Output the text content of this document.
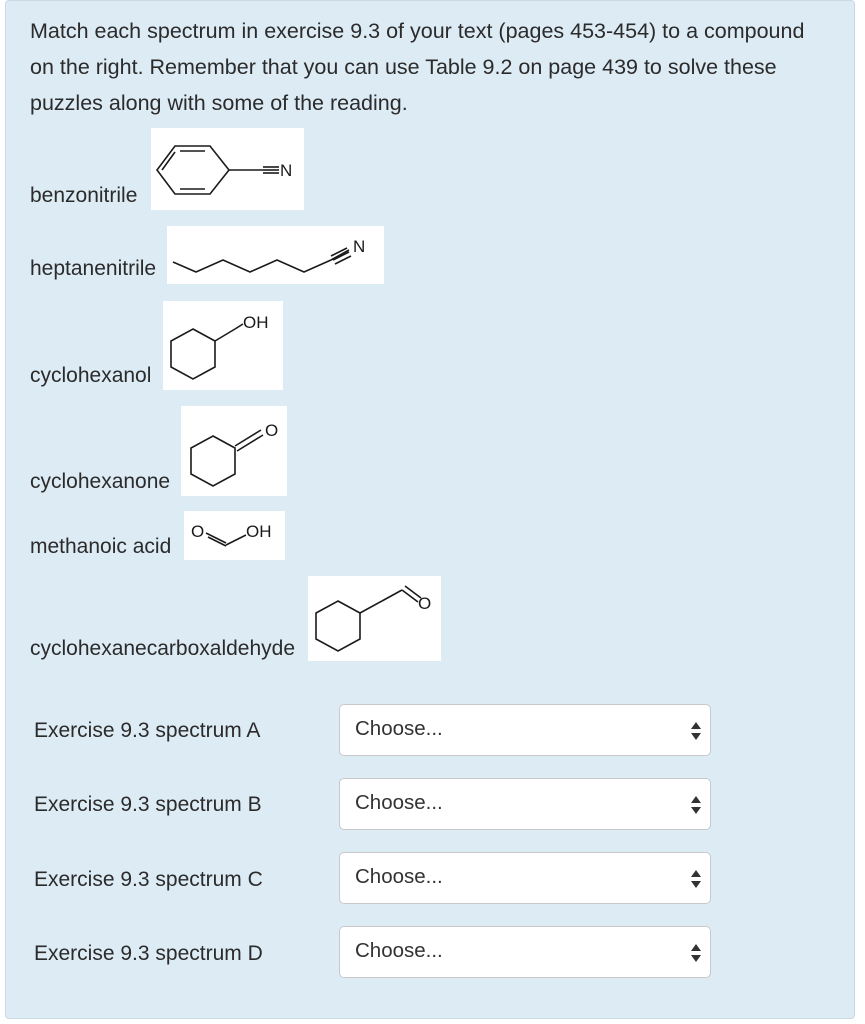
Match each spectrum in exercise 9.3 of your text (pages 453-454) to a compound on the right. Remember that you can use Table 9.2 on page 439 to solve these puzzles along with some of the reading.
benzonitrile
N
heptanenitrile
N
cyclohexanol
OH
cyclohexanone
O
methanoic acid
O OH
cyclohexanecarboxaldehyde
O
Exercise 9.3 spectrum A	Choose...
Exercise 9.3 spectrum B	Choose...
Exercise 9.3 spectrum C	Choose...
Exercise 9.3 spectrum D	Choose...
